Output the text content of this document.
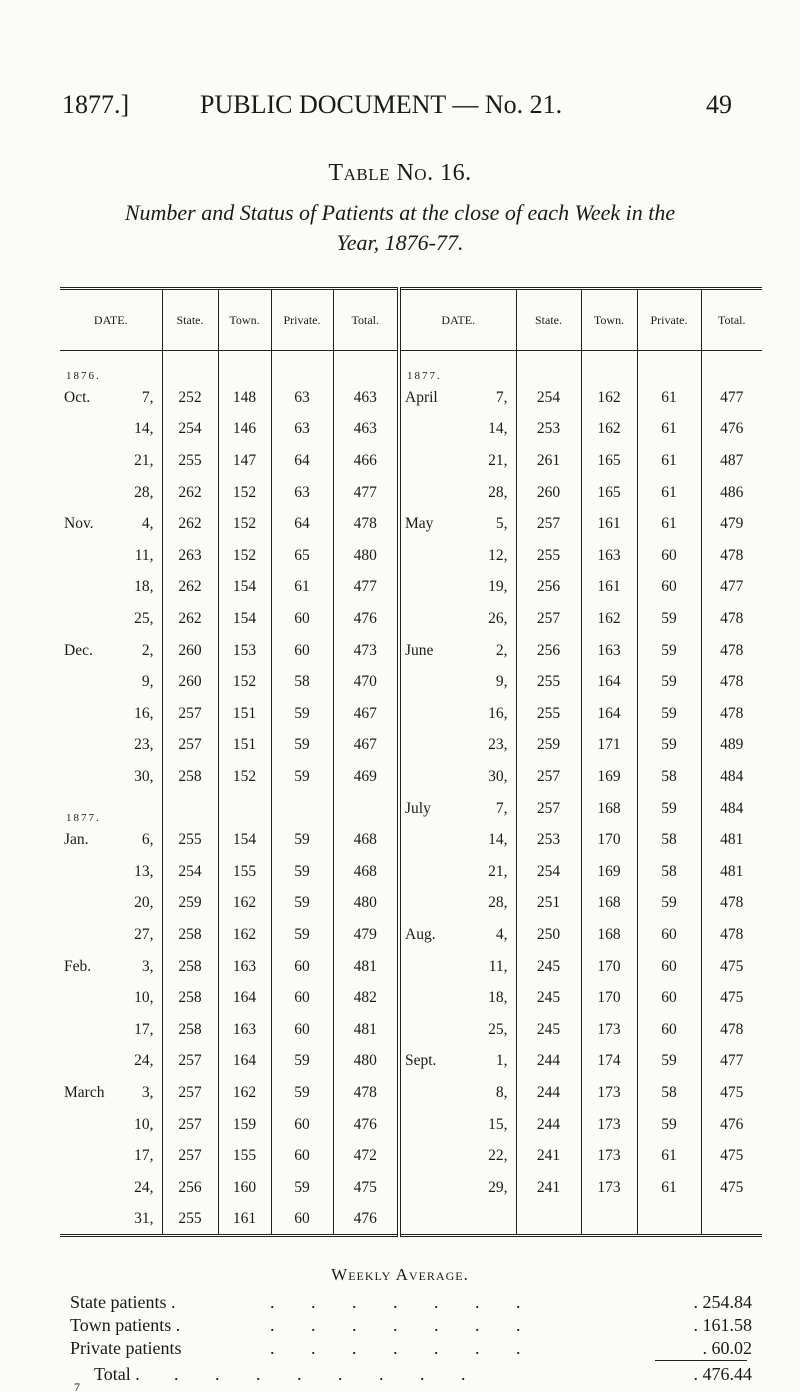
1877.]	PUBLIC DOCUMENT — No. 21.	49
Table No. 16.
Number and Status of Patients at the close of each Week in the
Year, 1876-77.
DATE.	State.	Town.	Private.	Total.	DATE.	State.	Town.	Private.	Total.
1876.					1877.				

Oct. 7,	252	148	63	463	April 7,	254	162	61	477

14,	254	146	63	463	14,	253	162	61	476

21,	255	147	64	466	21,	261	165	61	487

28,	262	152	63	477	28,	260	165	61	486

Nov. 4,	262	152	64	478	May 5,	257	161	61	479

11,	263	152	65	480	12,	255	163	60	478

18,	262	154	61	477	19,	256	161	60	477

25,	262	154	60	476	26,	257	162	59	478

Dec. 2,	260	153	60	473	June 2,	256	163	59	478

9,	260	152	58	470	9,	255	164	59	478

16,	257	151	59	467	16,	255	164	59	478

23,	257	151	59	467	23,	259	171	59	489

30,	258	152	59	469	30,	257	169	58	484
1877.					July 7,	257	168	59	484

Jan. 6,	255	154	59	468	14,	253	170	58	481

13,	254	155	59	468	21,	254	169	58	481

20,	259	162	59	480	28,	251	168	59	478

27,	258	162	59	479	Aug. 4,	250	168	60	478

Feb. 3,	258	163	60	481	11,	245	170	60	475

10,	258	164	60	482	18,	245	170	60	475

17,	258	163	60	481	25,	245	173	60	478

24,	257	164	59	480	Sept. 1,	244	174	59	477

March 3,	257	162	59	478	8,	244	173	58	475

10,	257	159	60	476	15,	244	173	59	476

17,	257	155	60	472	22,	241	173	61	475

24,	256	160	59	475	29,	241	173	61	475

31,	255	161	60	476	

Weekly Average.
State patients .	. . . . . . .	. 254.84
Town patients .	. . . . . . .	. 161.58
Private patients	. . . . . . .	. 60.02
Total . . . . . . . . .	. 476.44
7
